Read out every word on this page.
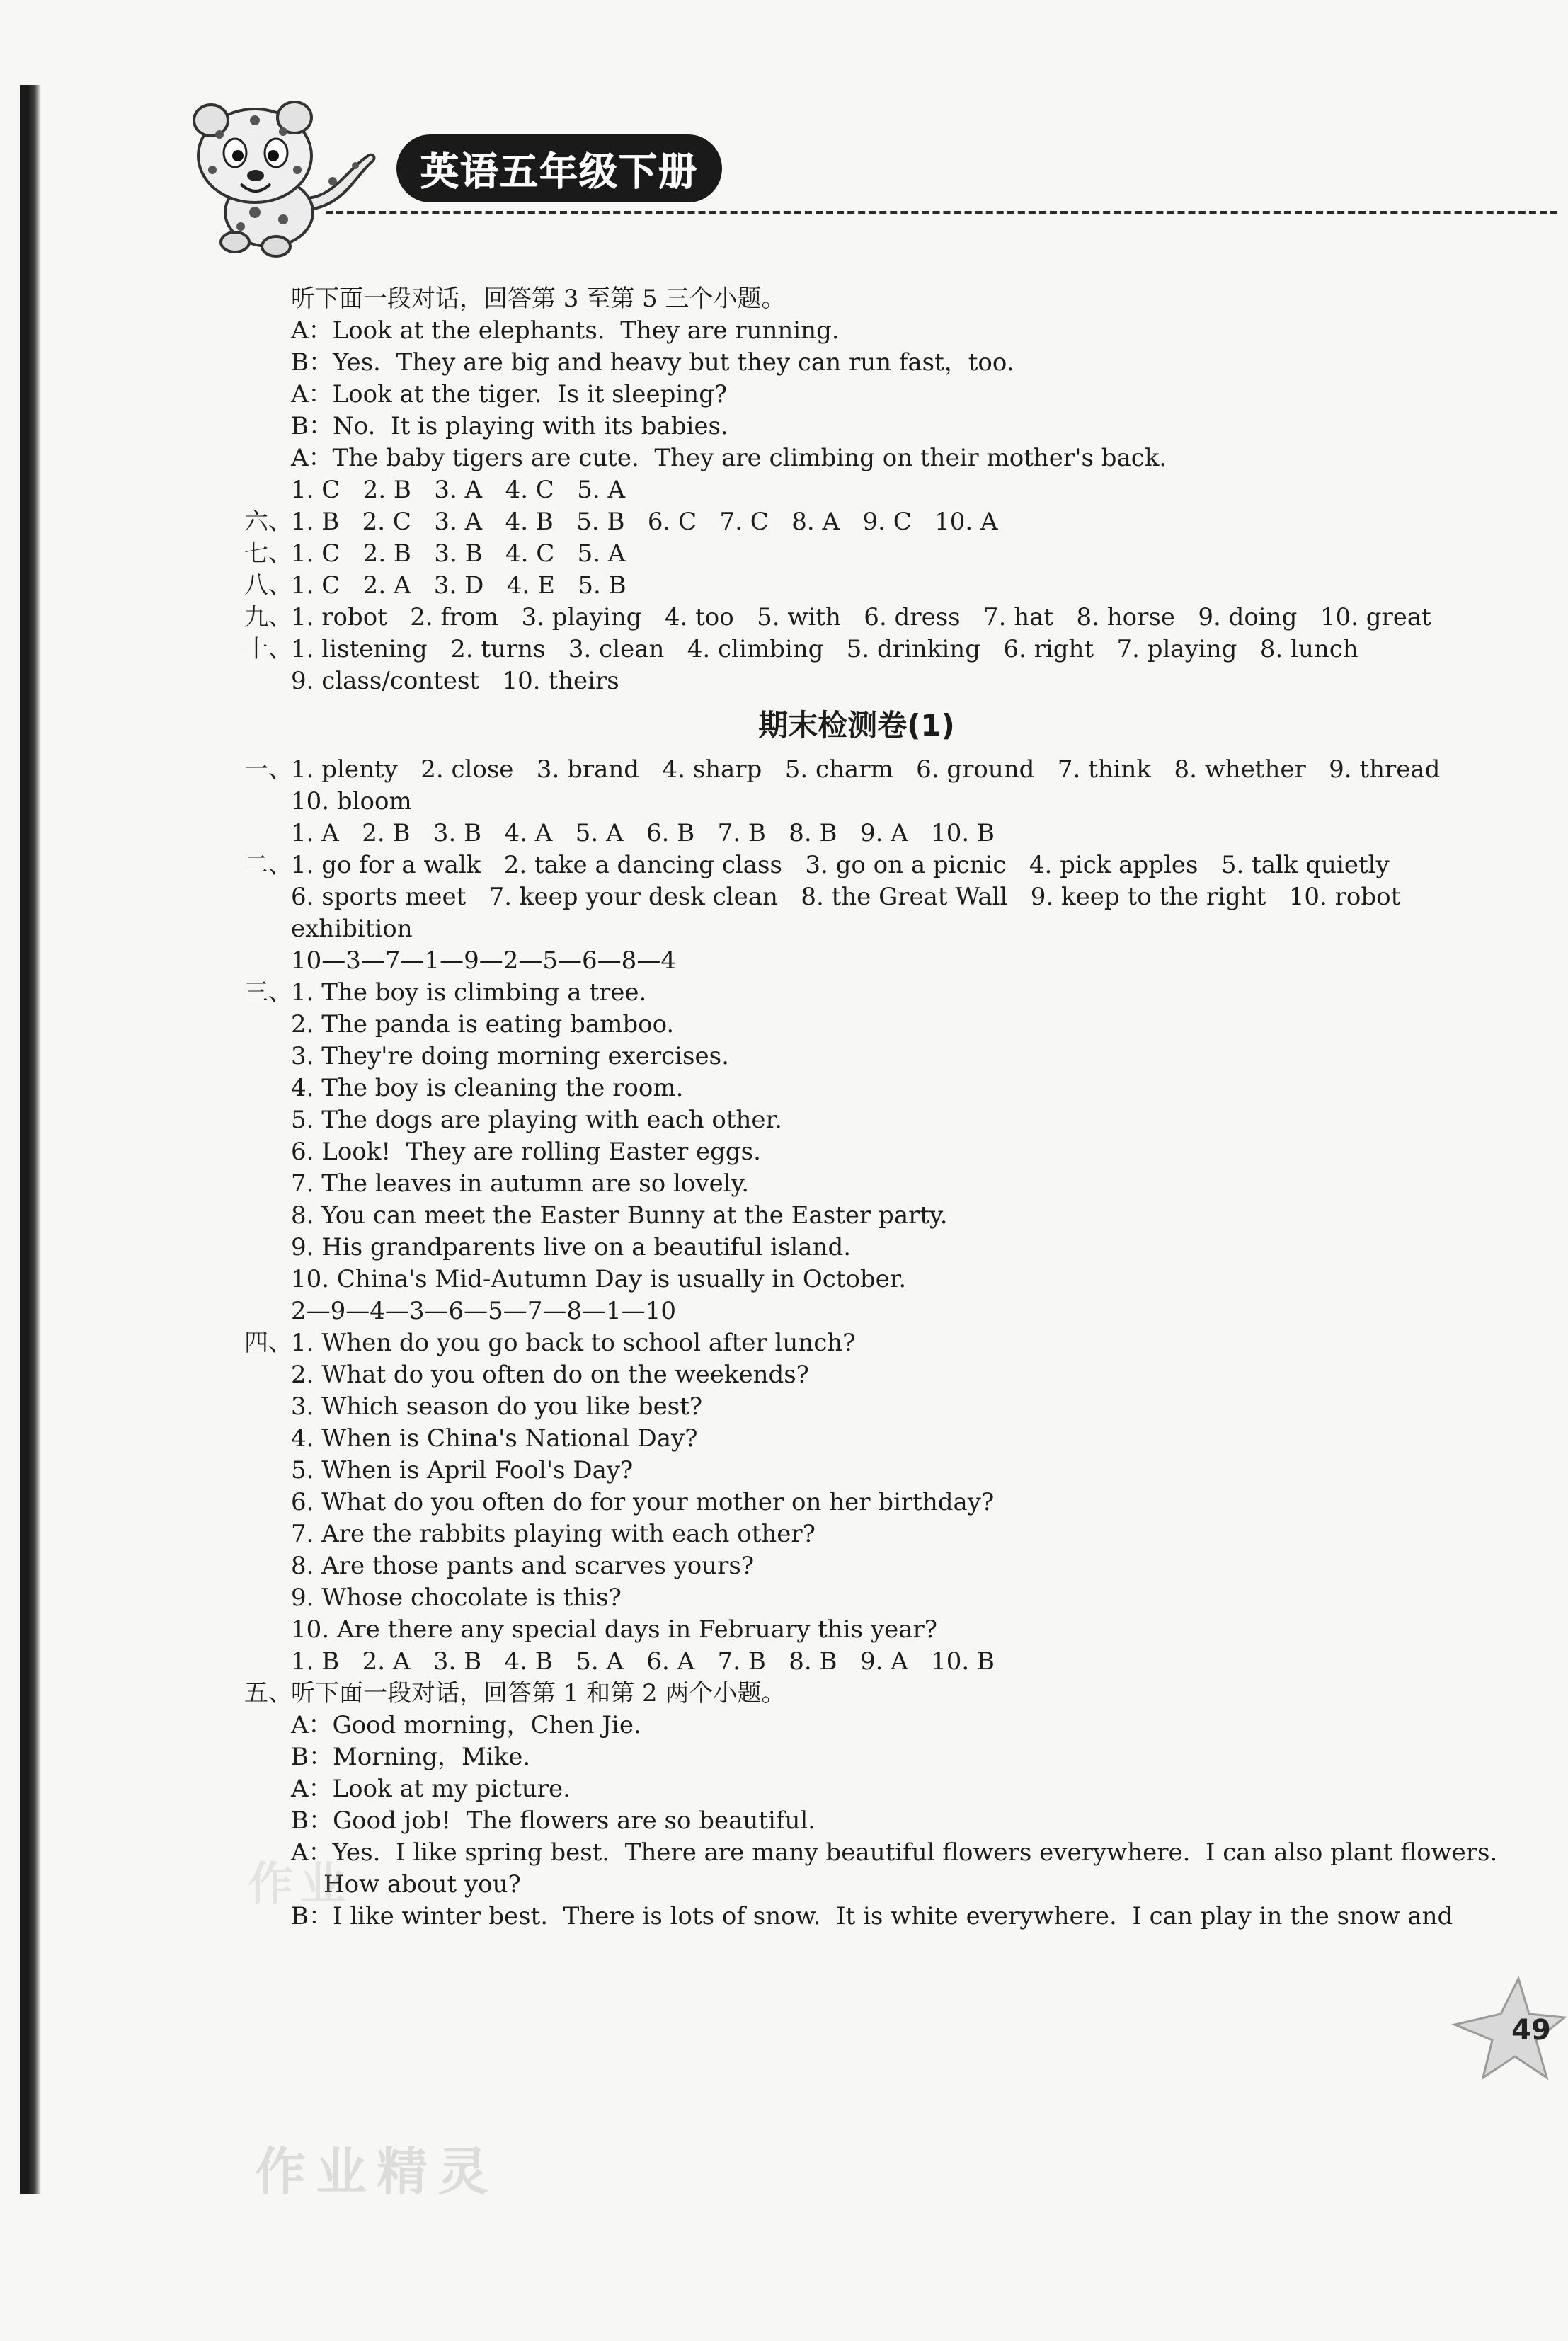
英语五年级下册
听下面一段对话，回答第 3 至第 5 三个小题。
A：Look at the elephants.  They are running.
B：Yes.  They are big and heavy but they can run fast，too.
A：Look at the tiger.  Is it sleeping?
B：No.  It is playing with its babies.
A：The baby tigers are cute.  They are climbing on their mother's back.
1. C   2. B   3. A   4. C   5. A
六、
1. B   2. C   3. A   4. B   5. B   6. C   7. C   8. A   9. C   10. A
七、
1. C   2. B   3. B   4. C   5. A
八、
1. C   2. A   3. D   4. E   5. B
九、
1. robot   2. from   3. playing   4. too   5. with   6. dress   7. hat   8. horse   9. doing   10. great
十、
1. listening   2. turns   3. clean   4. climbing   5. drinking   6. right   7. playing   8. lunch
9. class/contest   10. theirs
期末检测卷(1)
一、
1. plenty   2. close   3. brand   4. sharp   5. charm   6. ground   7. think   8. whether   9. thread
10. bloom
1. A   2. B   3. B   4. A   5. A   6. B   7. B   8. B   9. A   10. B
二、
1. go for a walk   2. take a dancing class   3. go on a picnic   4. pick apples   5. talk quietly
6. sports meet   7. keep your desk clean   8. the Great Wall   9. keep to the right   10. robot
exhibition
10—3—7—1—9—2—5—6—8—4
三、
1. The boy is climbing a tree.
2. The panda is eating bamboo.
3. They're doing morning exercises.
4. The boy is cleaning the room.
5. The dogs are playing with each other.
6. Look!  They are rolling Easter eggs.
7. The leaves in autumn are so lovely.
8. You can meet the Easter Bunny at the Easter party.
9. His grandparents live on a beautiful island.
10. China's Mid-Autumn Day is usually in October.
2—9—4—3—6—5—7—8—1—10
四、
1. When do you go back to school after lunch?
2. What do you often do on the weekends?
3. Which season do you like best?
4. When is China's National Day?
5. When is April Fool's Day?
6. What do you often do for your mother on her birthday?
7. Are the rabbits playing with each other?
8. Are those pants and scarves yours?
9. Whose chocolate is this?
10. Are there any special days in February this year?
1. B   2. A   3. B   4. B   5. A   6. A   7. B   8. B   9. A   10. B
五、
听下面一段对话，回答第 1 和第 2 两个小题。
A：Good morning，Chen Jie.
B：Morning，Mike.
A：Look at my picture.
B：Good job!  The flowers are so beautiful.
A：Yes.  I like spring best.  There are many beautiful flowers everywhere.  I can also plant flowers.
How about you?
B：I like winter best.  There is lots of snow.  It is white everywhere.  I can play in the snow and
49
作业
作业精灵
